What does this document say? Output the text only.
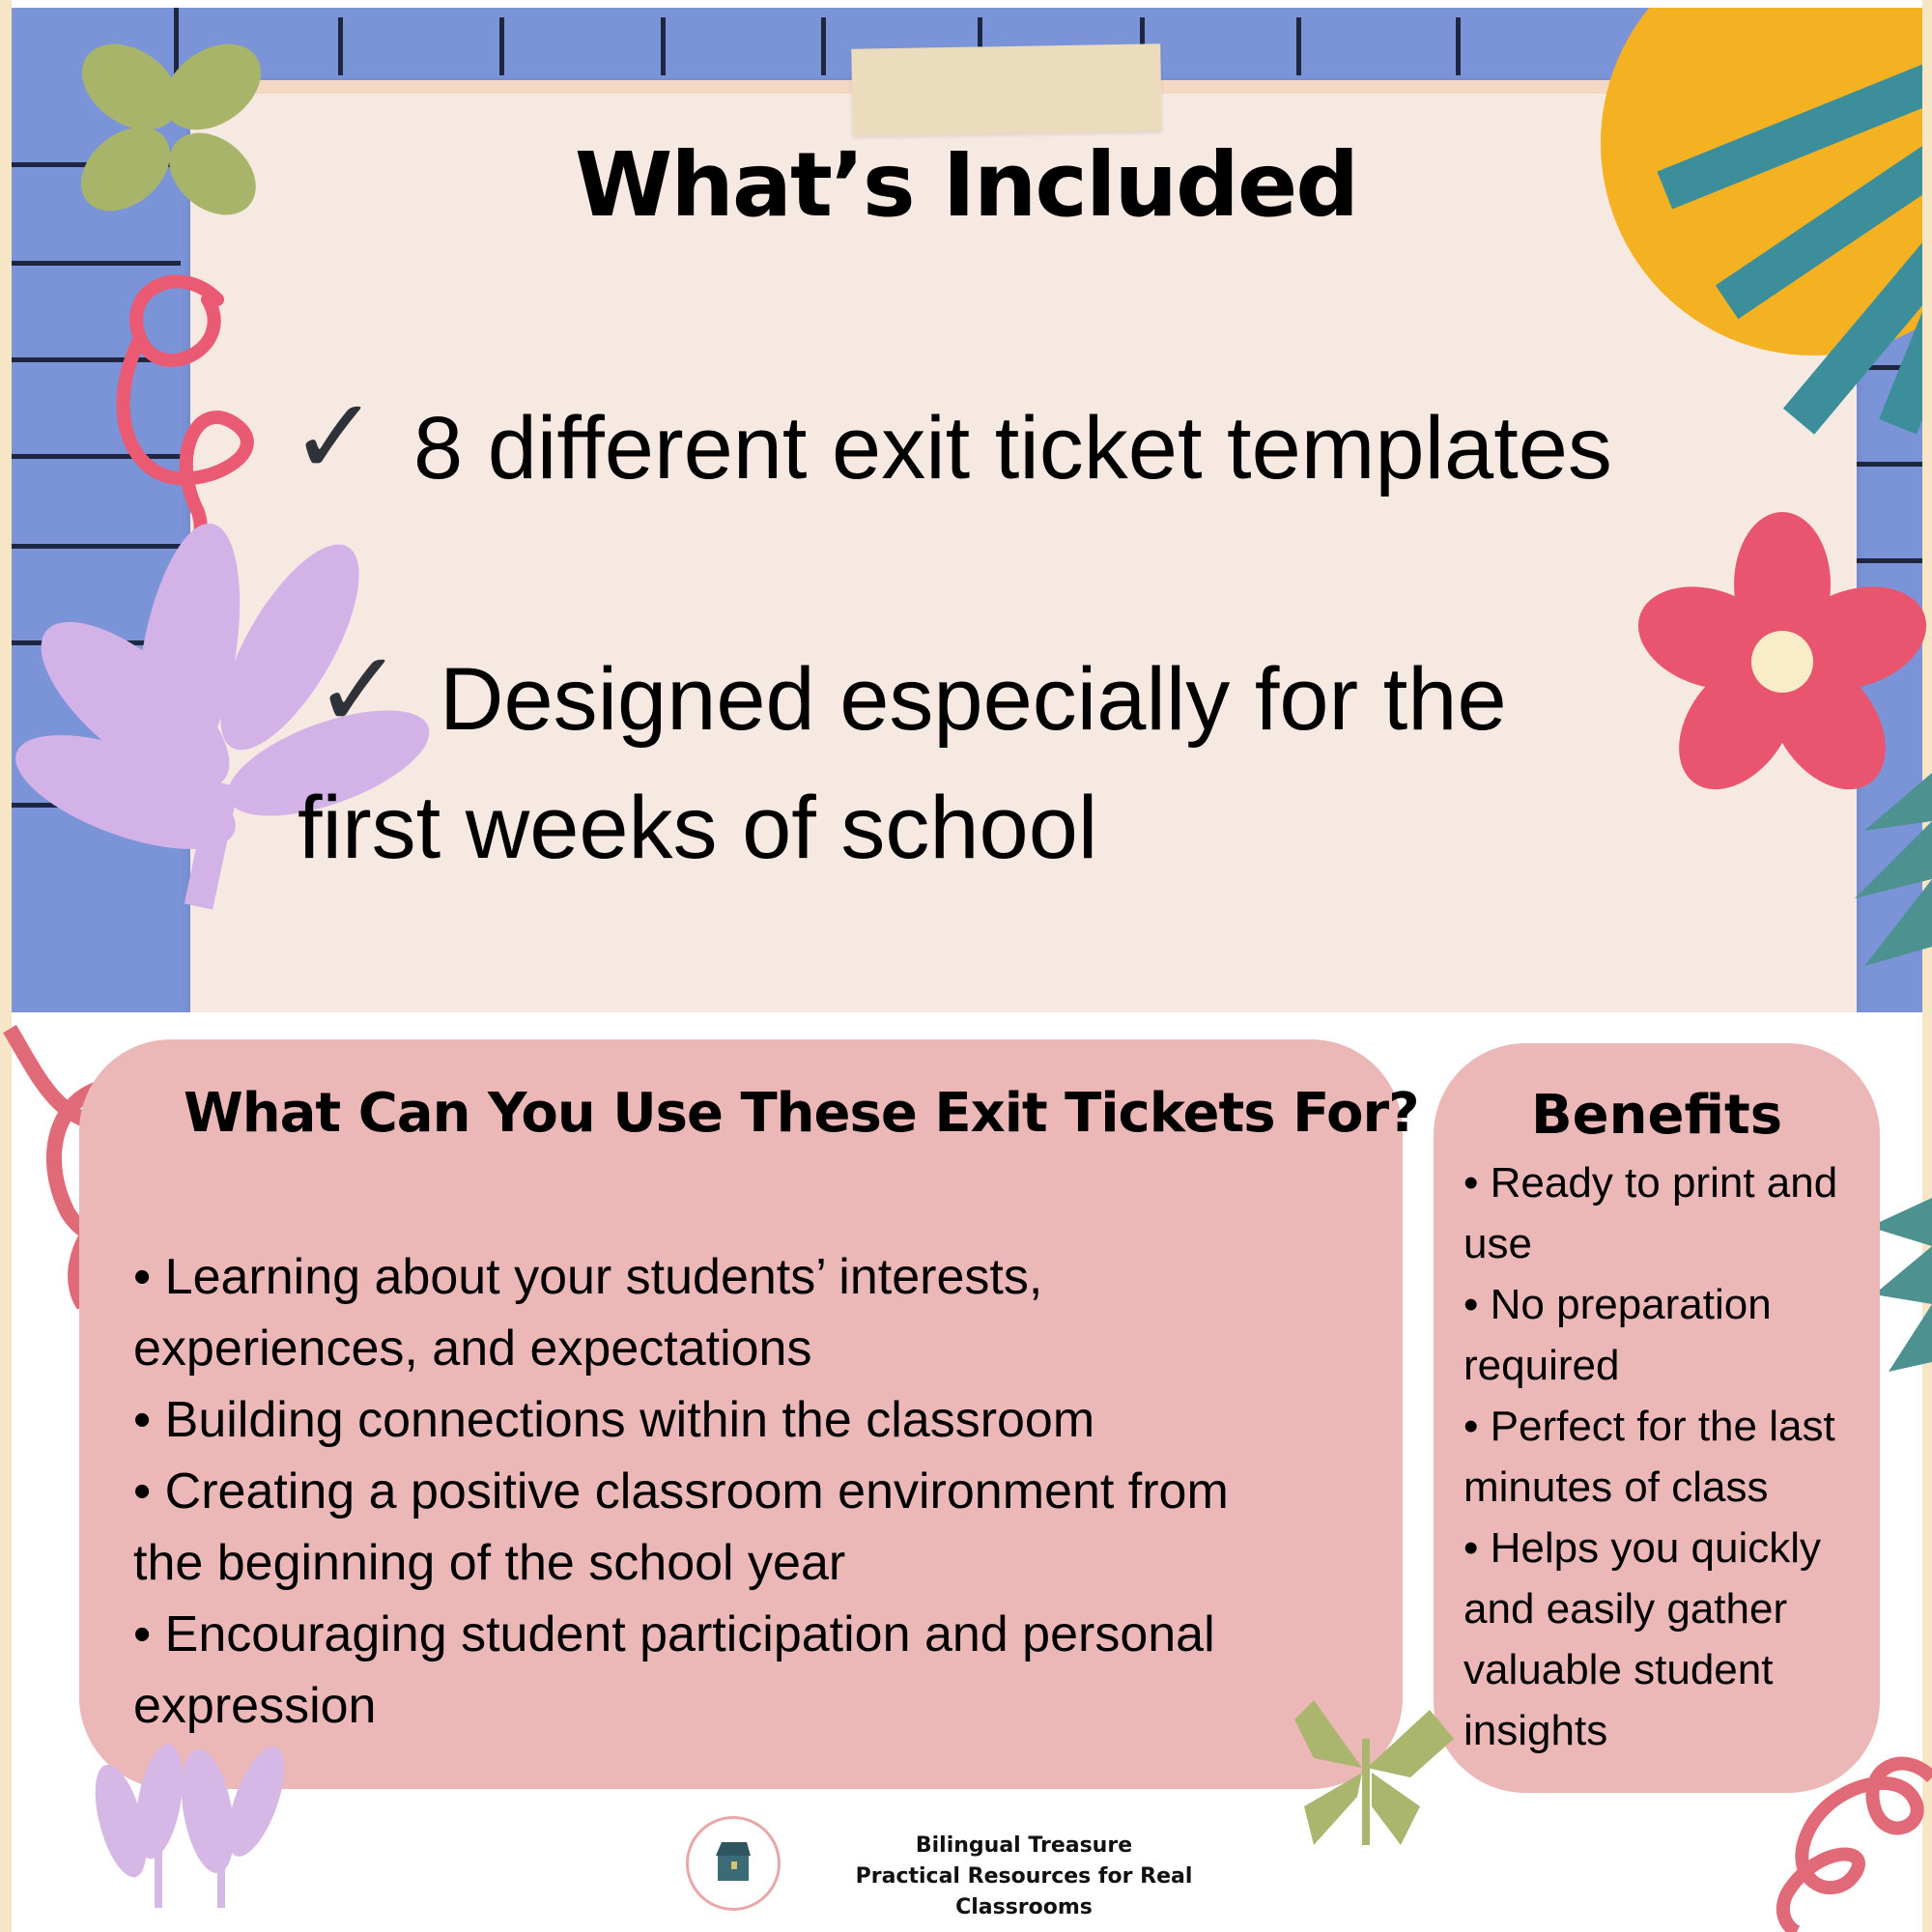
What’s Included
✓ 8 different exit ticket templates
✓ Designed especially for the
first weeks of school
What Can You Use These Exit Tickets For?
• Learning about your students’ interests,
experiences, and expectations
• Building connections within the classroom
• Creating a positive classroom environment from
the beginning of the school year
• Encouraging student participation and personal
expression
Benefits
• Ready to print and
use
• No preparation
required
• Perfect for the last
minutes of class
• Helps you quickly
and easily gather
valuable student
insights
Bilingual Treasure
Practical Resources for Real Classrooms
